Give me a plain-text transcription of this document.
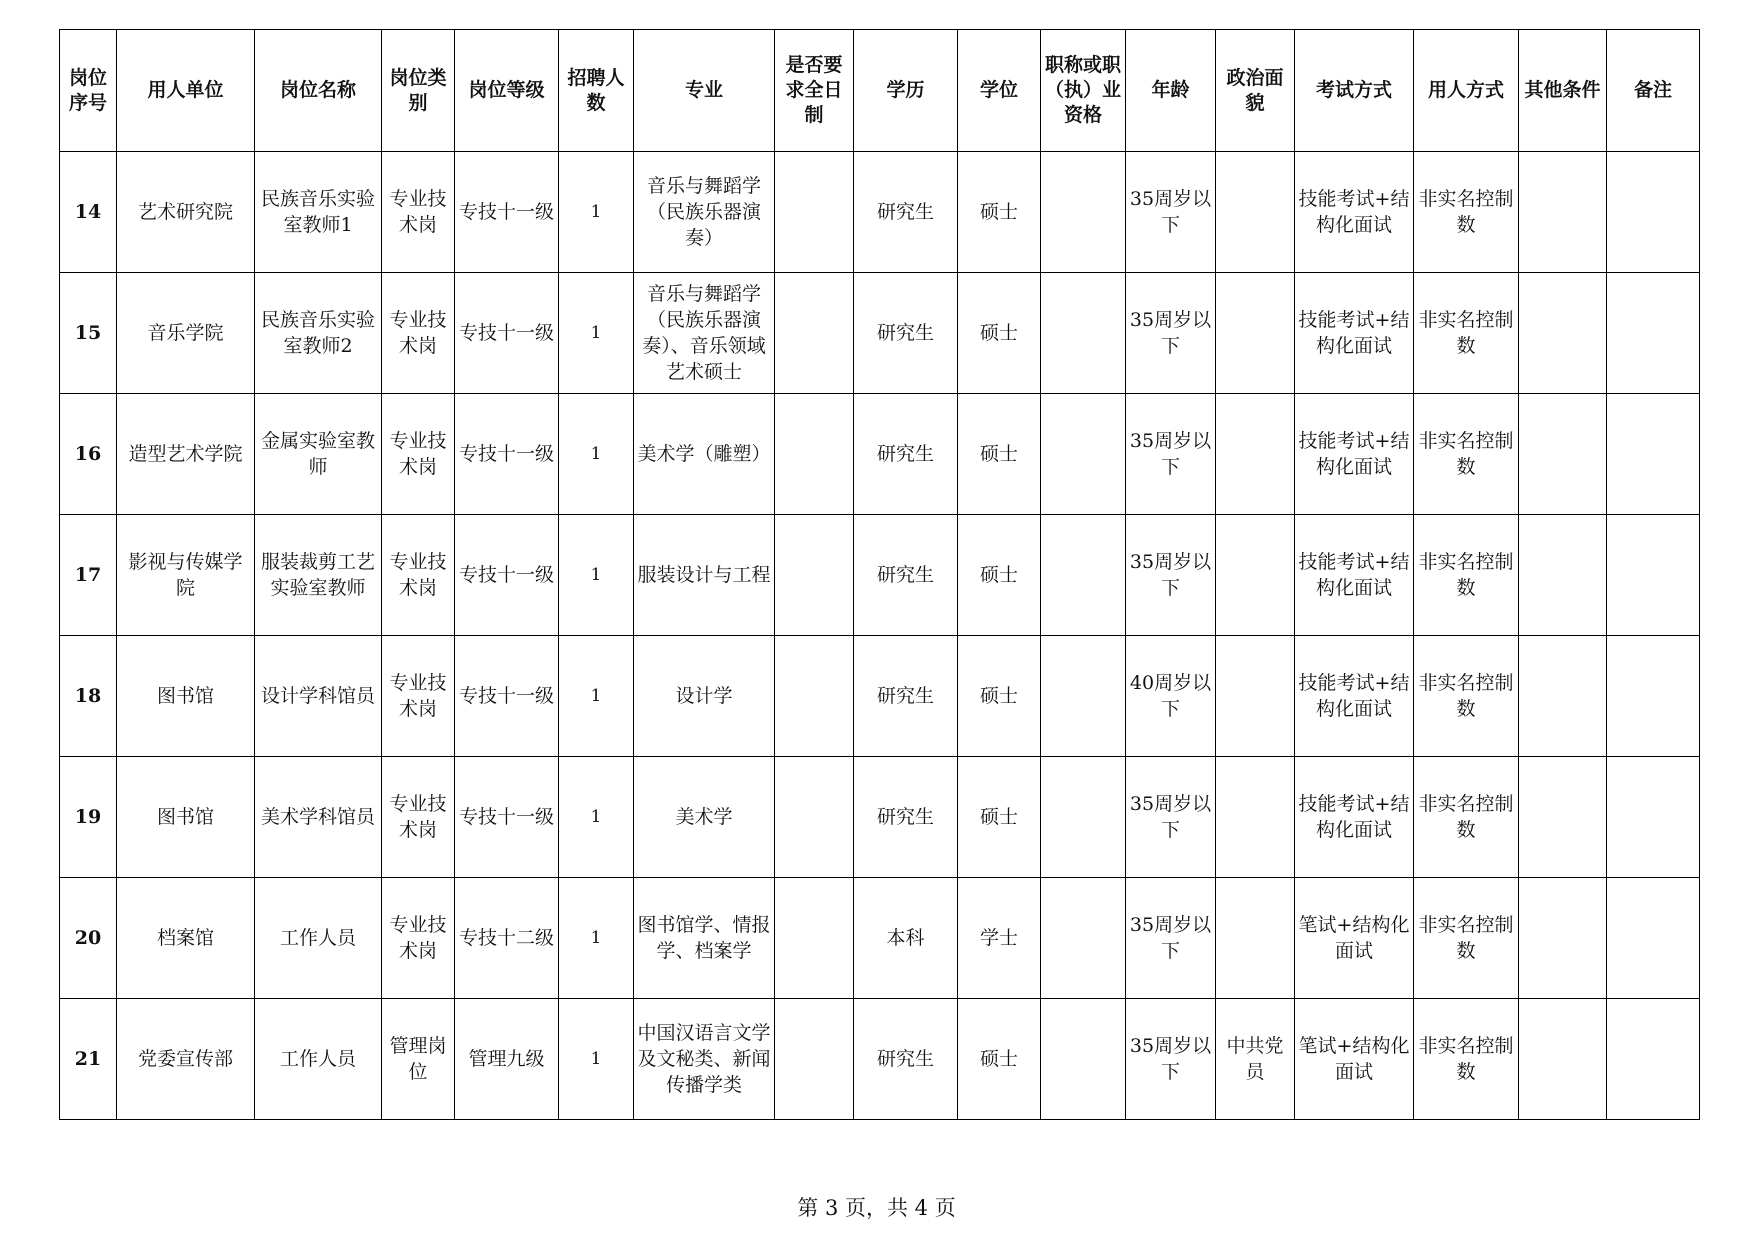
岗位序号	用人单位	岗位名称	岗位类别	岗位等级	招聘人数	专业	是否要求全日制	学历	学位	职称或职（执）业资格	年龄	政治面貌	考试方式	用人方式	其他条件	备注
14	艺术研究院	民族音乐实验室教师1	专业技术岗	专技十一级	1	音乐与舞蹈学（民族乐器演奏）		研究生	硕士		35周岁以下		技能考试+结构化面试	非实名控制数		
15	音乐学院	民族音乐实验室教师2	专业技术岗	专技十一级	1	音乐与舞蹈学（民族乐器演奏）、音乐领域艺术硕士		研究生	硕士		35周岁以下		技能考试+结构化面试	非实名控制数		
16	造型艺术学院	金属实验室教师	专业技术岗	专技十一级	1	美术学（雕塑）		研究生	硕士		35周岁以下		技能考试+结构化面试	非实名控制数		
17	影视与传媒学院	服装裁剪工艺实验室教师	专业技术岗	专技十一级	1	服装设计与工程		研究生	硕士		35周岁以下		技能考试+结构化面试	非实名控制数		
18	图书馆	设计学科馆员	专业技术岗	专技十一级	1	设计学		研究生	硕士		40周岁以下		技能考试+结构化面试	非实名控制数		
19	图书馆	美术学科馆员	专业技术岗	专技十一级	1	美术学		研究生	硕士		35周岁以下		技能考试+结构化面试	非实名控制数		
20	档案馆	工作人员	专业技术岗	专技十二级	1	图书馆学、情报学、档案学		本科	学士		35周岁以下		笔试+结构化面试	非实名控制数		
21	党委宣传部	工作人员	管理岗位	管理九级	1	中国汉语言文学及文秘类、新闻传播学类		研究生	硕士		35周岁以下	中共党员	笔试+结构化面试	非实名控制数		
第 3 页，共 4 页
